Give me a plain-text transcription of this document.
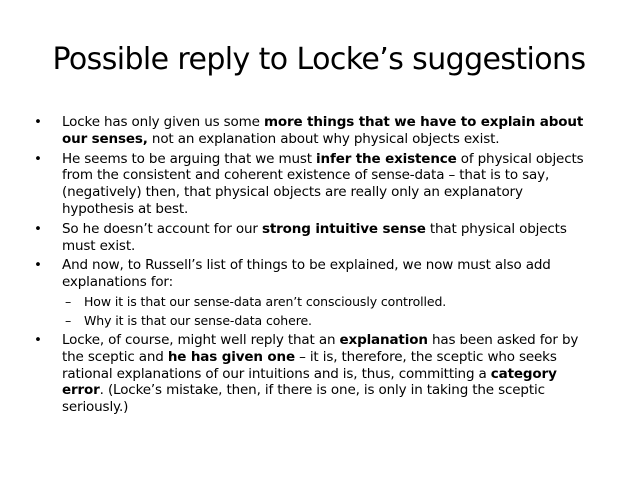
Possible reply to Locke’s suggestions
• Locke has only given us some more things that we have to explain about our senses, not an explanation about why physical objects exist.
• He seems to be arguing that we must infer the existence of physical objects from the consistent and coherent existence of sense-data – that is to say, (negatively) then, that physical objects are really only an explanatory hypothesis at best.
• So he doesn’t account for our strong intuitive sense that physical objects must exist.
• And now, to Russell’s list of things to be explained, we now must also add explanations for:
– How it is that our sense-data aren’t consciously controlled.
– Why it is that our sense-data cohere.
• Locke, of course, might well reply that an explanation has been asked for by the sceptic and he has given one – it is, therefore, the sceptic who seeks rational explanations of our intuitions and is, thus, committing a category error. (Locke’s mistake, then, if there is one, is only in taking the sceptic seriously.)
